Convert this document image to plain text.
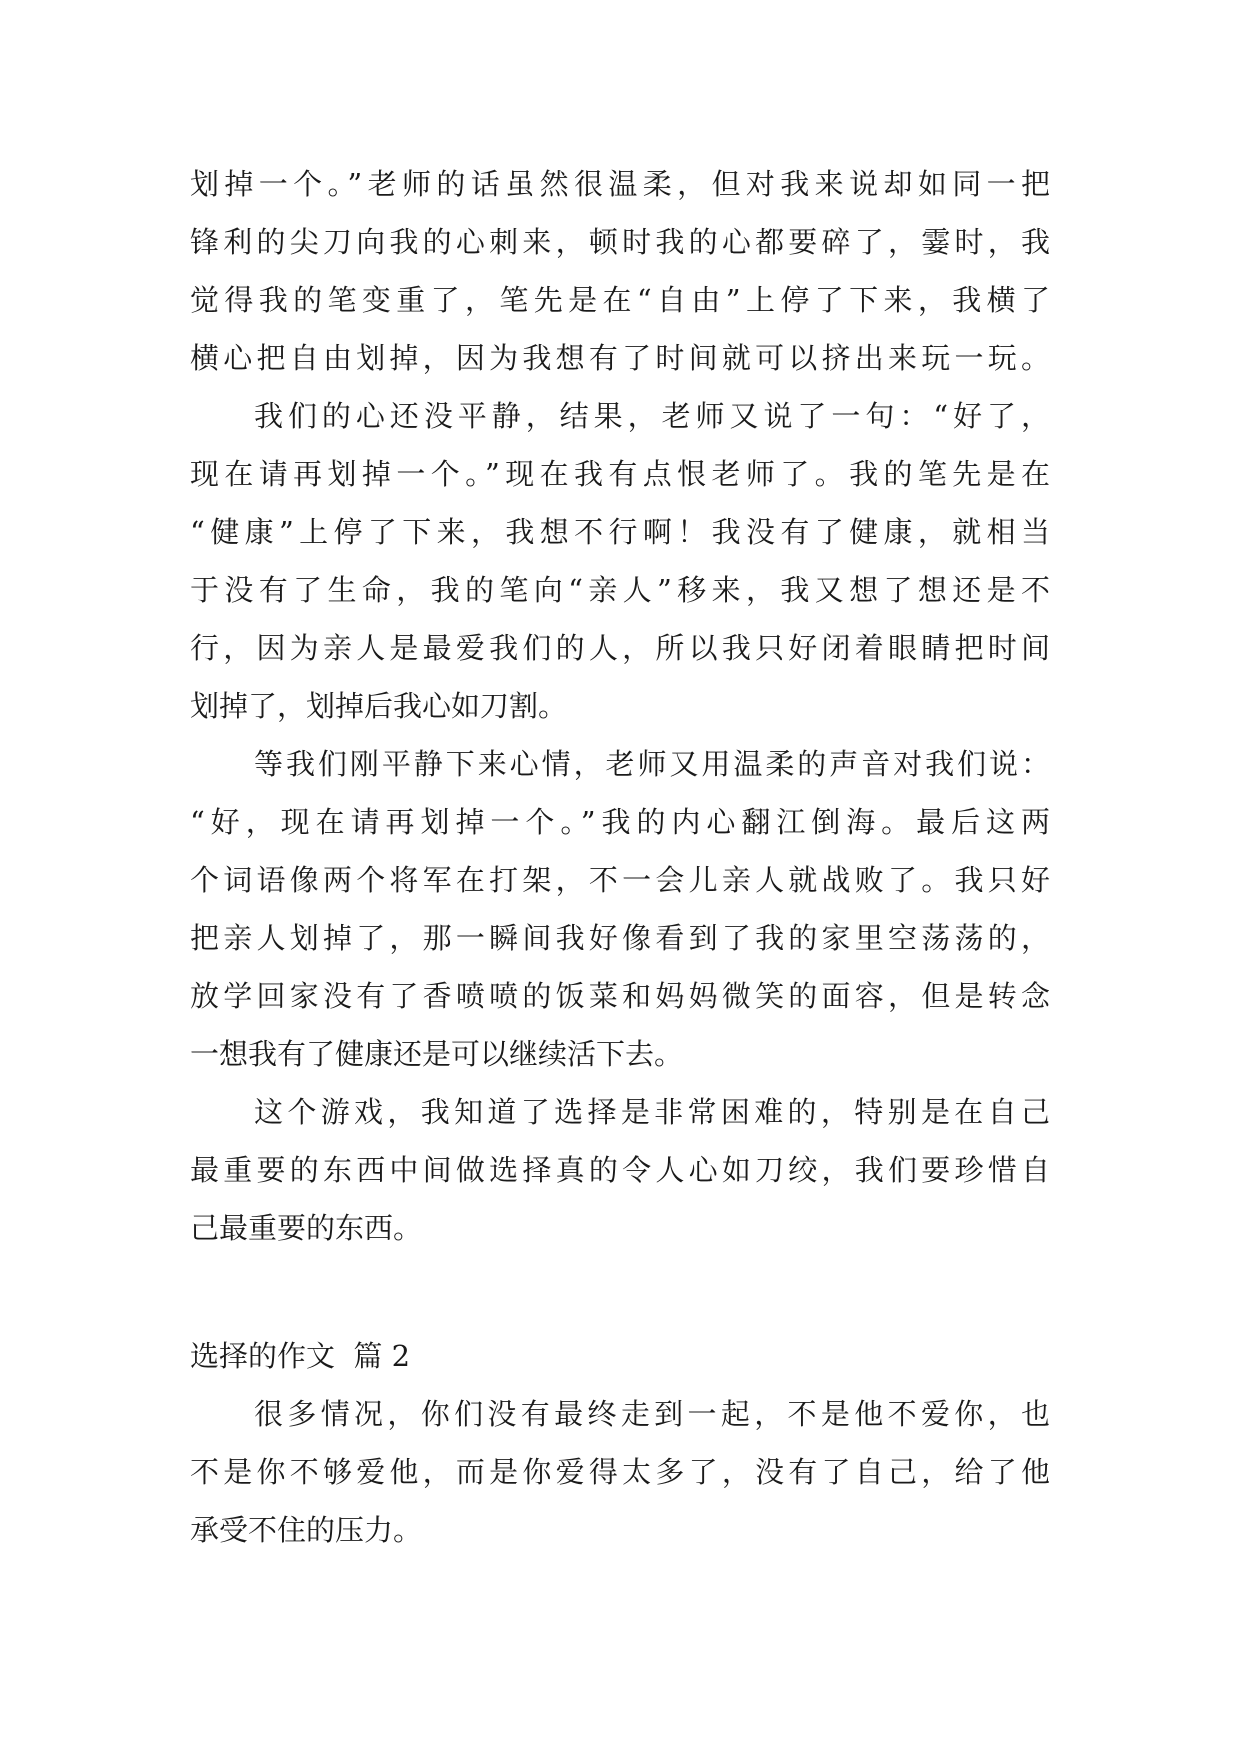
划掉一个。”老师的话虽然很温柔，但对我来说却如同一把
锋利的尖刀向我的心刺来，顿时我的心都要碎了，霎时，我
觉得我的笔变重了，笔先是在“自由”上停了下来，我横了
横心把自由划掉，因为我想有了时间就可以挤出来玩一玩。
我们的心还没平静，结果，老师又说了一句：“好了，
现在请再划掉一个。”现在我有点恨老师了。我的笔先是在
“健康”上停了下来，我想不行啊！我没有了健康，就相当
于没有了生命，我的笔向“亲人”移来，我又想了想还是不
行，因为亲人是最爱我们的人，所以我只好闭着眼睛把时间
划掉了，划掉后我心如刀割。
等我们刚平静下来心情，老师又用温柔的声音对我们说：
“好，现在请再划掉一个。”我的内心翻江倒海。最后这两
个词语像两个将军在打架，不一会儿亲人就战败了。我只好
把亲人划掉了，那一瞬间我好像看到了我的家里空荡荡的，
放学回家没有了香喷喷的饭菜和妈妈微笑的面容，但是转念
一想我有了健康还是可以继续活下去。
这个游戏，我知道了选择是非常困难的，特别是在自己
最重要的东西中间做选择真的令人心如刀绞，我们要珍惜自
己最重要的东西。
选择的作文  篇 2
很多情况，你们没有最终走到一起，不是他不爱你，也
不是你不够爱他，而是你爱得太多了，没有了自己，给了他
承受不住的压力。
